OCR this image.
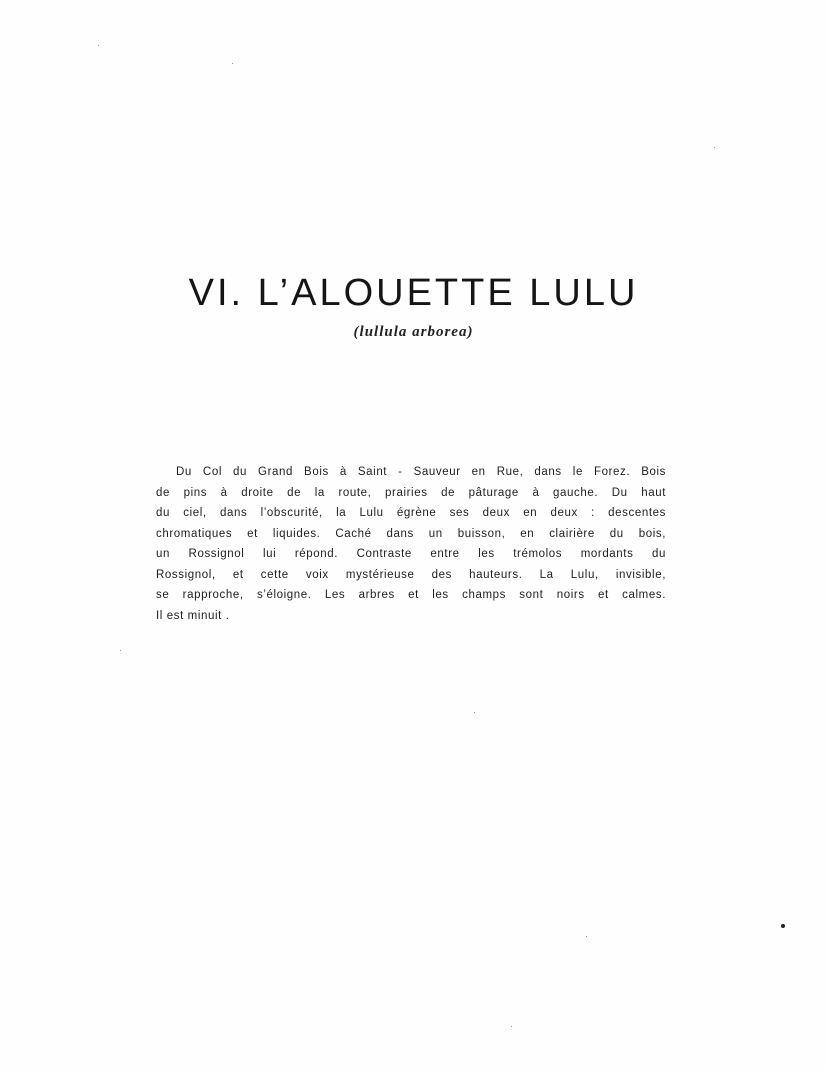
VI. L’ALOUETTE LULU
(lullula arborea)
Du Col du Grand Bois à Saint - Sauveur en Rue, dans le Forez. Bois
de pins à droite de la route, prairies de pâturage à gauche. Du haut
du ciel, dans l’obscurité, la Lulu égrène ses deux en deux : descentes
chromatiques et liquides. Caché dans un buisson, en clairière du bois,
un Rossignol lui répond. Contraste entre les trémolos mordants du
Rossignol, et cette voix mystérieuse des hauteurs. La Lulu, invisible,
se rapproche, s’éloigne. Les arbres et les champs sont noirs et calmes.
Il est minuit .
